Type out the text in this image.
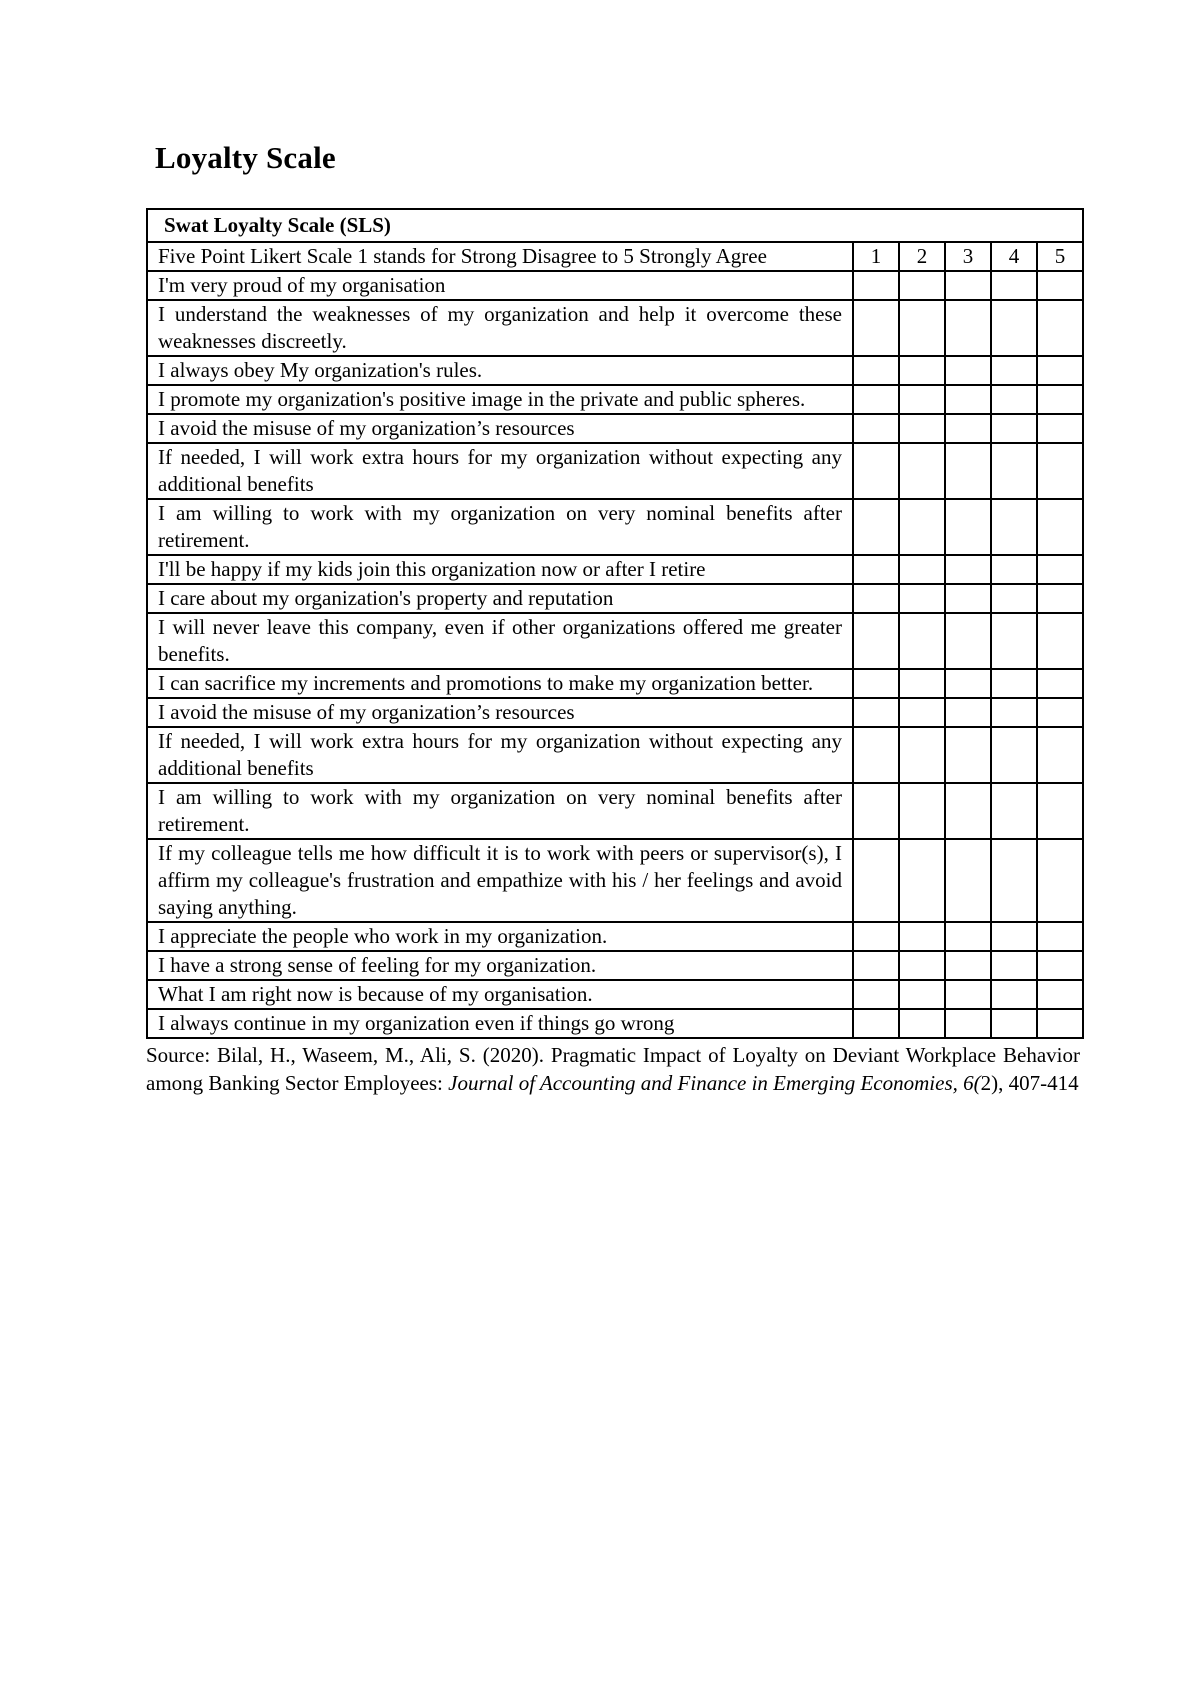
Loyalty Scale
Swat Loyalty Scale (SLS)					
Five Point Likert Scale 1 stands for Strong Disagree to 5 Strongly Agree	1	2	3	4	5
I'm very proud of my organisation					
I understand the weaknesses of my organization and help it overcome these weaknesses discreetly.					
I always obey My organization's rules.					
I promote my organization's positive image in the private and public spheres.					
I avoid the misuse of my organization’s resources					
If needed, I will work extra hours for my organization without expecting any additional benefits					
I am willing to work with my organization on very nominal benefits after retirement.					
I'll be happy if my kids join this organization now or after I retire					
I care about my organization's property and reputation					
I will never leave this company, even if other organizations offered me greater benefits.					
I can sacrifice my increments and promotions to make my organization better.					
I avoid the misuse of my organization’s resources					
If needed, I will work extra hours for my organization without expecting any additional benefits					
I am willing to work with my organization on very nominal benefits after retirement.					
If my colleague tells me how difficult it is to work with peers or supervisor(s), I affirm my colleague's frustration and empathize with his / her feelings and avoid saying anything.					
I appreciate the people who work in my organization.					
I have a strong sense of feeling for my organization.					
What I am right now is because of my organisation.					
I always continue in my organization even if things go wrong					
Source: Bilal, H., Waseem, M., Ali, S. (2020). Pragmatic Impact of Loyalty on Deviant Workplace Behavior among Banking Sector Employees: Journal of Accounting and Finance in Emerging Economies, 6(2), 407-414
